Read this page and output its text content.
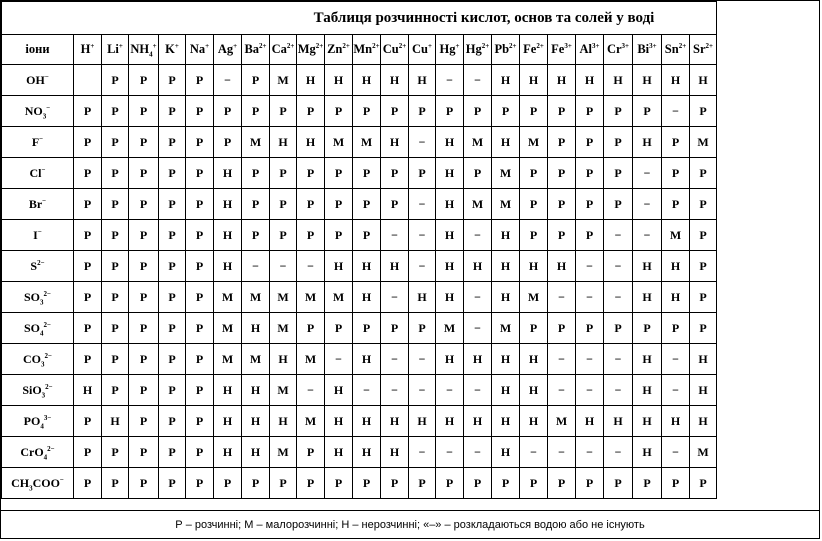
Таблиця розчинності кислот, основ та солей у воді																							
іони	H+	Li+	$NH_4^+$	K+	Na+	Ag+	$Ba^{2+}$	$Ca^{2+}$	$Mg^{2+}$	$Zn^{2+}$	$Mn^{2+}$	$Cu^{2+}$	Cu+	Hg+	$Hg^{2+}$	$Pb^{2+}$	$Fe^{2+}$	$Fe^{3+}$	$Al^{3+}$	$Cr^{3+}$	$Bi^{3+}$	$Sn^{2+}$	$Sr^{2+}$
OH−		Р	Р	Р	Р	−	Р	М	Н	Н	Н	Н	Н	−	−	Н	Н	Н	Н	Н	Н	Н	Н
$NO_3^-$	Р	Р	Р	Р	Р	Р	Р	Р	Р	Р	Р	Р	Р	Р	Р	Р	Р	Р	Р	Р	Р	−	Р
F−	Р	Р	Р	Р	Р	Р	М	Н	Н	М	М	Н	−	Н	М	Н	М	Р	Р	Р	Н	Р	М
Cl−	Р	Р	Р	Р	Р	Н	Р	Р	Р	Р	Р	Р	Р	Н	Р	М	Р	Р	Р	Р	−	Р	Р
Br−	Р	Р	Р	Р	Р	Н	Р	Р	Р	Р	Р	Р	−	Н	М	М	Р	Р	Р	Р	−	Р	Р
I−	Р	Р	Р	Р	Р	Н	Р	Р	Р	Р	Р	−	−	Н	−	Н	Р	Р	Р	−	−	М	Р
$S^{2-}$	Р	Р	Р	Р	Р	Н	−	−	−	Н	Н	Н	−	Н	Н	Н	Н	Н	−	−	Н	Н	Р
$SO_3^{2-}$	Р	Р	Р	Р	Р	М	М	М	М	М	Н	−	Н	Н	−	Н	М	−	−	−	Н	Н	Р
$SO_4^{2-}$	Р	Р	Р	Р	Р	М	Н	М	Р	Р	Р	Р	Р	М	−	М	Р	Р	Р	Р	Р	Р	Р
$CO_3^{2-}$	Р	Р	Р	Р	Р	М	М	Н	М	−	Н	−	−	Н	Н	Н	Н	−	−	−	Н	−	Н
SiO$_3^{2-}$	Н	Р	Р	Р	Р	Н	Н	М	−	Н	−	−	−	−	−	Н	Н	−	−	−	Н	−	Н
$PO_4^{3-}$	Р	Н	Р	Р	Р	Н	Н	Н	М	Н	Н	Н	Н	Н	Н	Н	Н	М	Н	Н	Н	Н	Н
CrO$_4^{2-}$	Р	Р	Р	Р	Р	Н	Н	М	Р	Н	Н	Н	−	−	−	Н	−	−	−	−	Н	−	М
$CH_3COO^-$	Р	Р	Р	Р	Р	Р	Р	Р	Р	Р	Р	Р	Р	Р	Р	Р	Р	Р	Р	Р	Р	Р	Р
Р – розчинні; М – малорозчинні; Н – нерозчинні; «–» – розкладаються водою або не існують
